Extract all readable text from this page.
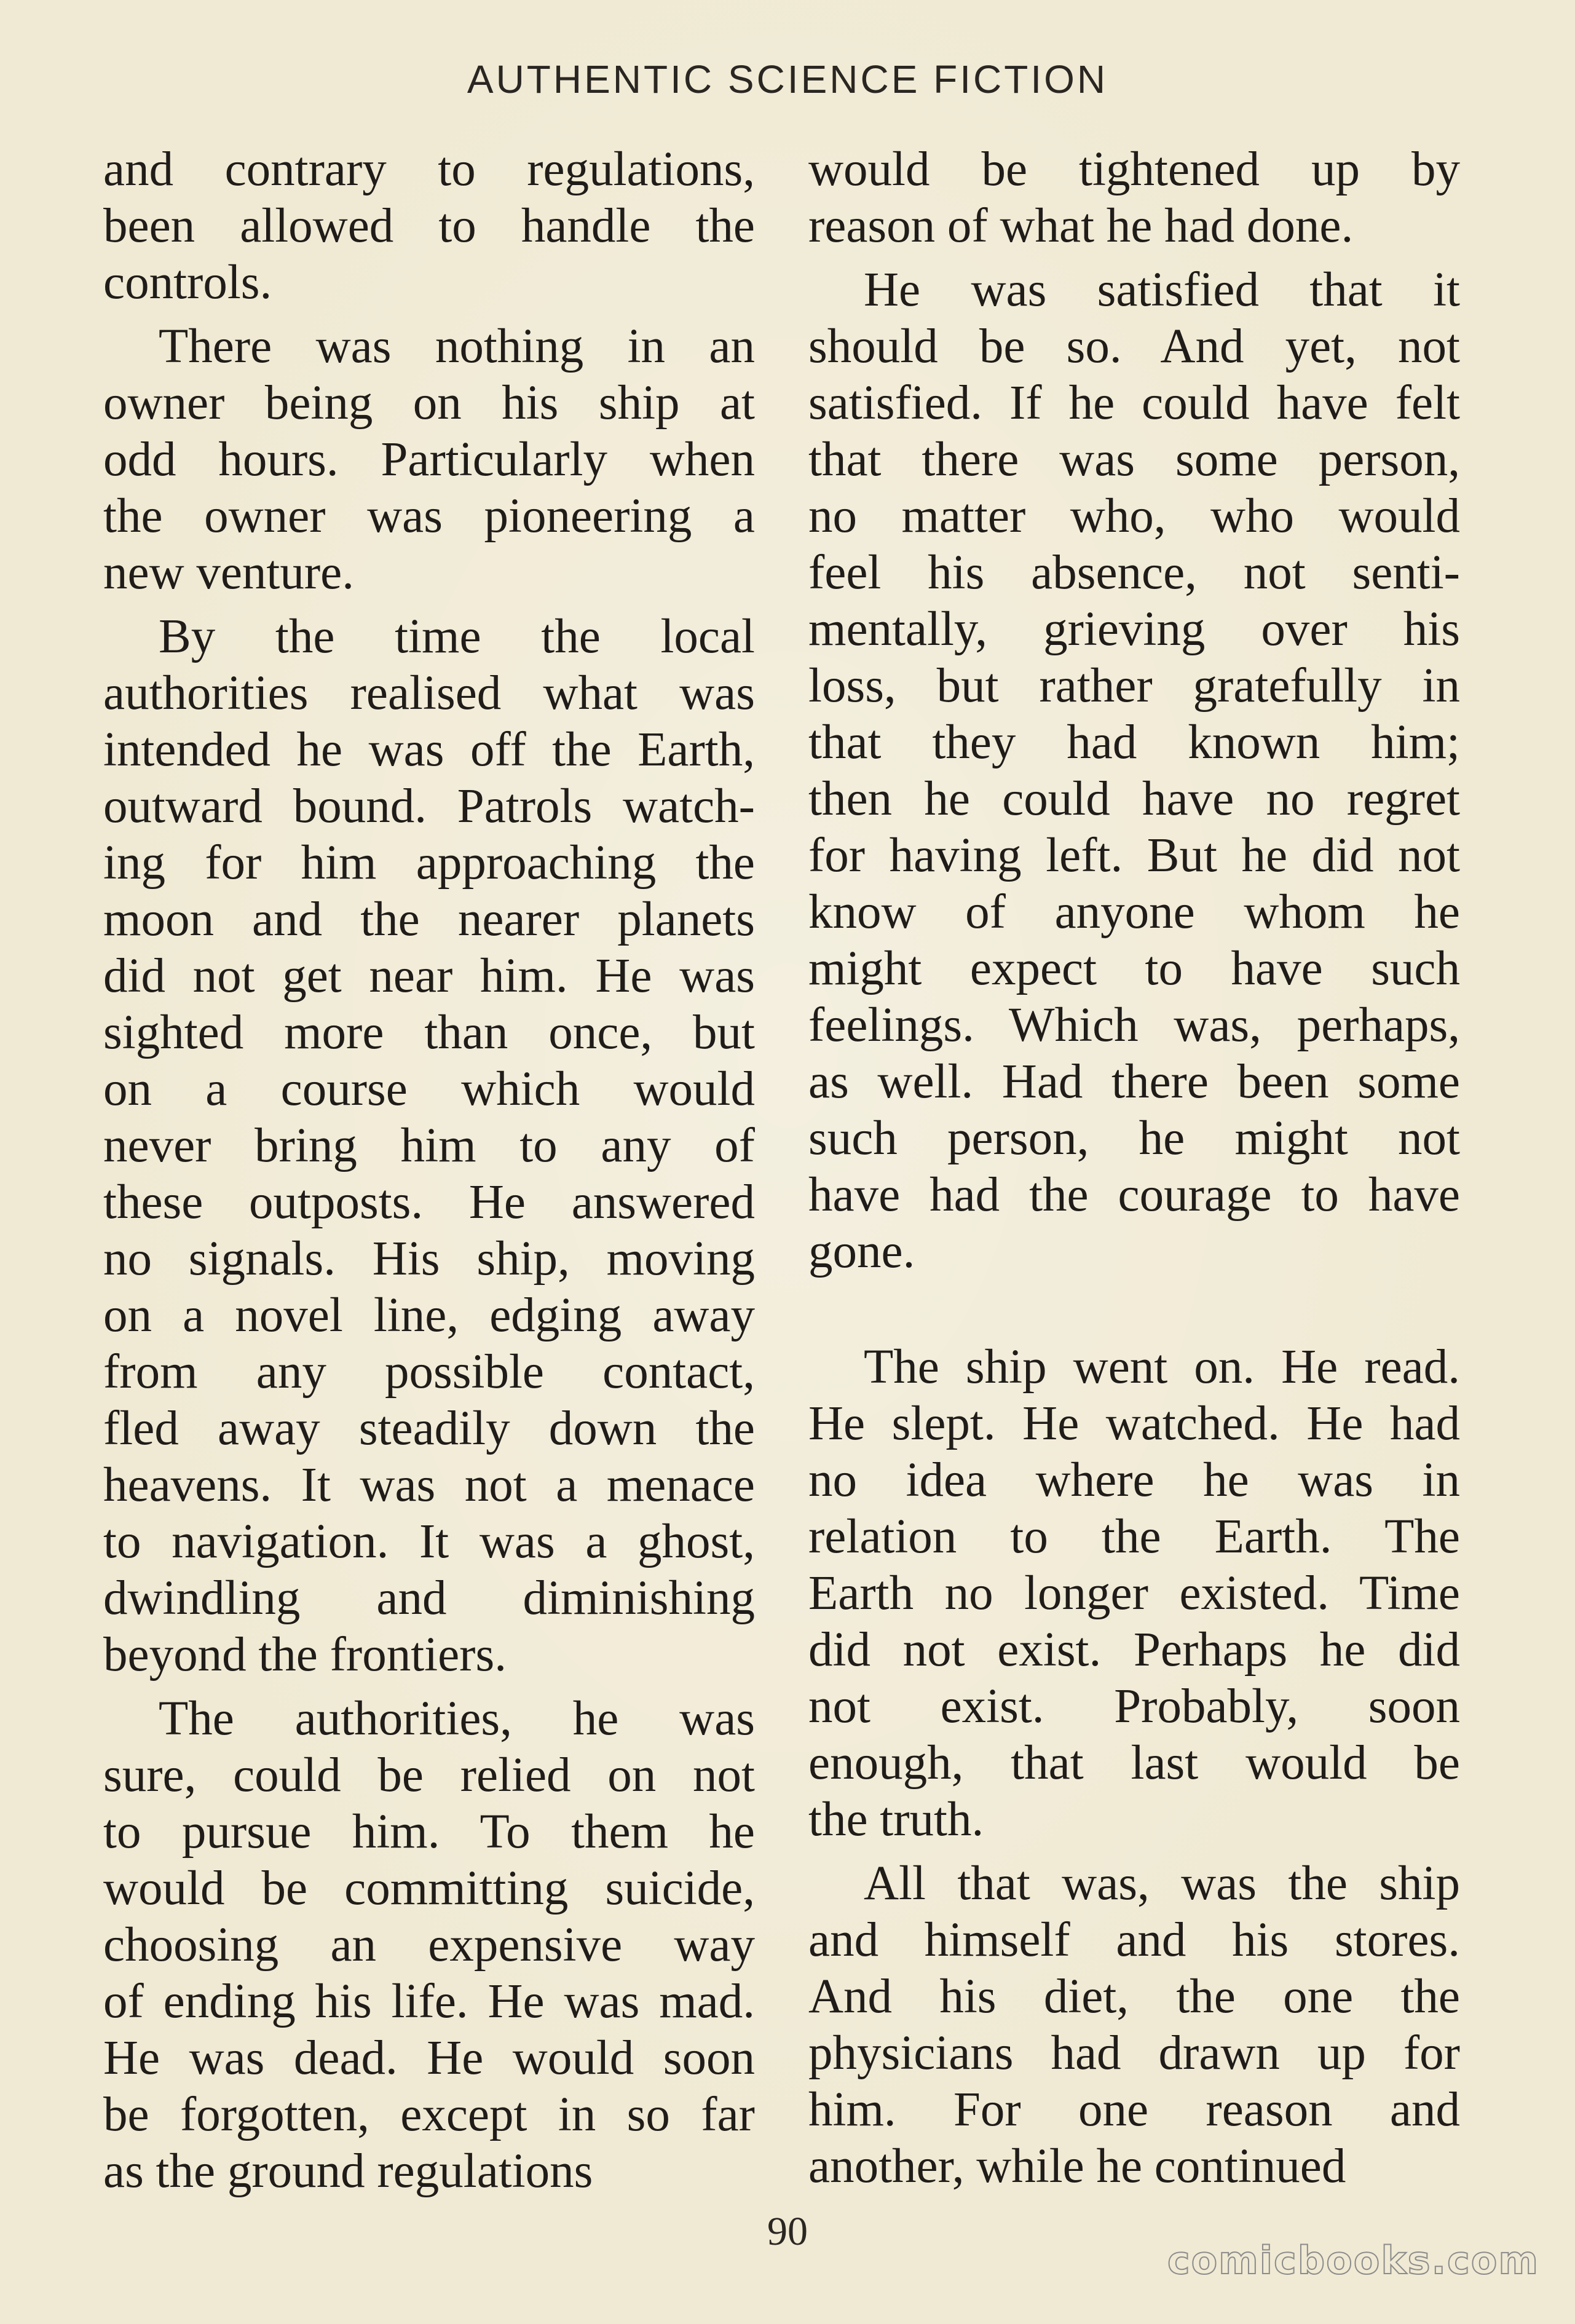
AUTHENTIC SCIENCE FICTION
and contrary to regulations,
been allowed to handle the
controls.
There was nothing in an
owner being on his ship at
odd hours. Particularly when
the owner was pioneering a
new venture.
By the time the local
authorities realised what was
intended he was off the Earth,
outward bound. Patrols watch-
ing for him approaching the
moon and the nearer planets
did not get near him. He was
sighted more than once, but
on a course which would
never bring him to any of
these outposts. He answered
no signals. His ship, moving
on a novel line, edging away
from any possible contact,
fled away steadily down the
heavens. It was not a menace
to navigation. It was a ghost,
dwindling and diminishing
beyond the frontiers.
The authorities, he was
sure, could be relied on not
to pursue him. To them he
would be committing suicide,
choosing an expensive way
of ending his life. He was mad.
He was dead. He would soon
be forgotten, except in so far
as the ground regulations
would be tightened up by
reason of what he had done.
He was satisfied that it
should be so. And yet, not
satisfied. If he could have felt
that there was some person,
no matter who, who would
feel his absence, not senti-
mentally, grieving over his
loss, but rather gratefully in
that they had known him;
then he could have no regret
for having left. But he did not
know of anyone whom he
might expect to have such
feelings. Which was, perhaps,
as well. Had there been some
such person, he might not
have had the courage to have
gone.
The ship went on. He read.
He slept. He watched. He had
no idea where he was in
relation to the Earth. The
Earth no longer existed. Time
did not exist. Perhaps he did
not exist. Probably, soon
enough, that last would be
the truth.
All that was, was the ship
and himself and his stores.
And his diet, the one the
physicians had drawn up for
him. For one reason and
another, while he continued
90
comicbooks.com
